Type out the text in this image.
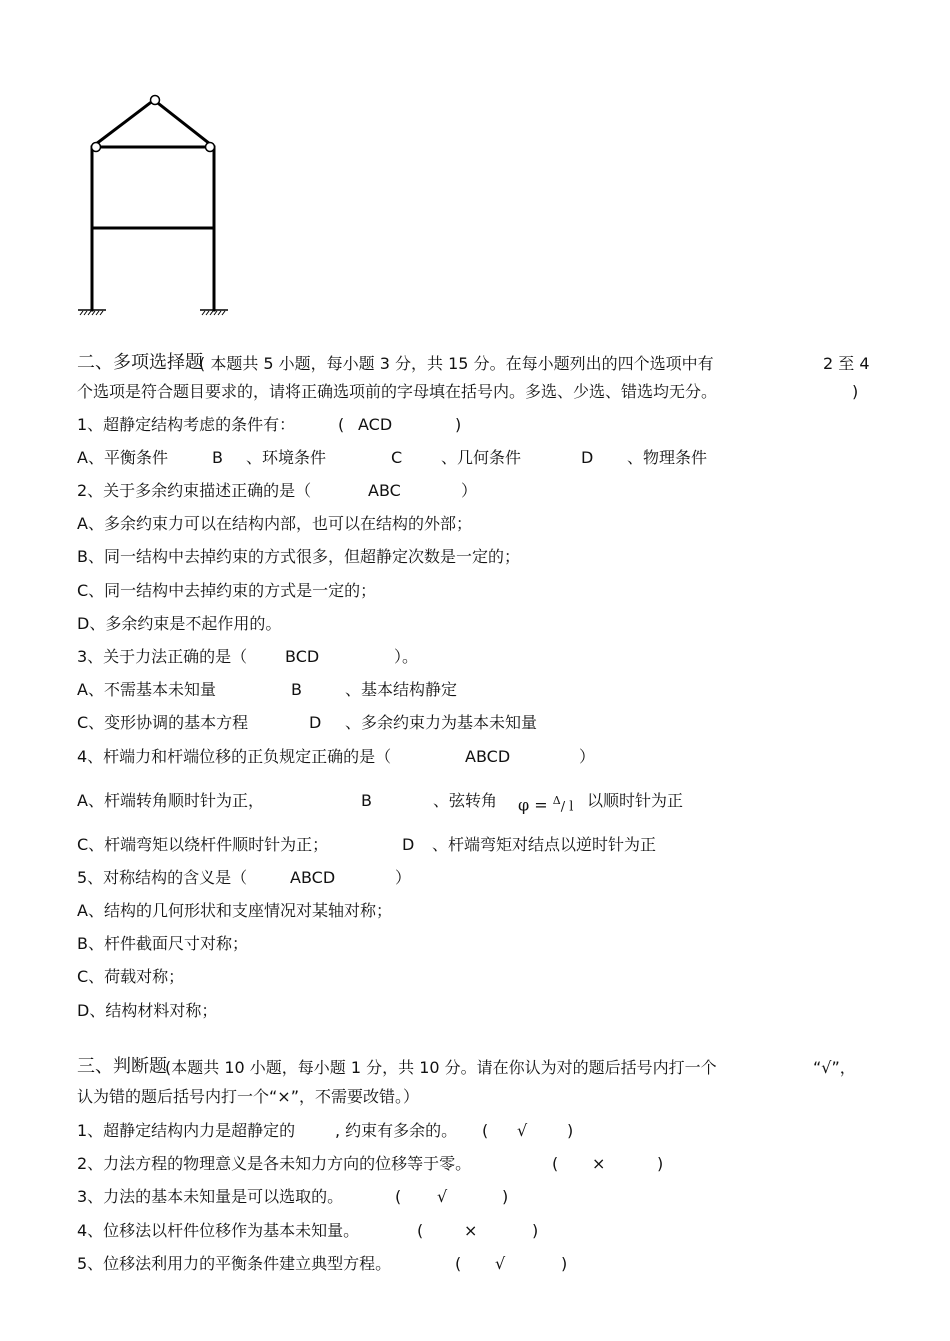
二、多项选择题
( 本题共 5 小题，每小题 3 分，共 15 分。在每小题列出的四个选项中有	2 至 4
个选项是符合题目要求的，请将正确选项前的字母填在括号内。多选、少选、错选均无分。	)
1、超静定结构考虑的条件有：	( ACD	)
A、平衡条件	B 、环境条件	C 、几何条件	D 、物理条件
2、关于多余约束描述正确的是（	ABC	）
A、多余约束力可以在结构内部，也可以在结构的外部；
B、同一结构中去掉约束的方式很多，但超静定次数是一定的；
C、同一结构中去掉约束的方式是一定的；
D、多余约束是不起作用的。
3、关于力法正确的是（ BCD	）。
A、不需基本未知量	B	、基本结构静定
C、变形协调的基本方程	D 、多余约束力为基本未知量
4、杆端力和杆端位移的正负规定正确的是（	ABCD	）
A、杆端转角顺时针为正，	B	、弦转角 φ = $^\Delta$/ l 以顺时针为正
C、杆端弯矩以绕杆件顺时针为正；	D 、杆端弯矩对结点以逆时针为正
5、对称结构的含义是（	ABCD	）
A、结构的几何形状和支座情况对某轴对称；
B、杆件截面尺寸对称；
C、荷载对称；
D、结构材料对称；
三、判断题
(本题共 10 小题，每小题 1 分，共 10 分。请在你认为对的题后括号内打一个	“√”，
认为错的题后括号内打一个“×”，不需要改错。）
1、超静定结构内力是超静定的 , 约束有多余的。 ( √ )
2、力法方程的物理意义是各未知力方向的位移等于零。	( ×	)
3、力法的基本未知量是可以选取的。	( √	)
4、位移法以杆件位移作为基本未知量。	(	×	)
5、位移法利用力的平衡条件建立典型方程。	( √	)
